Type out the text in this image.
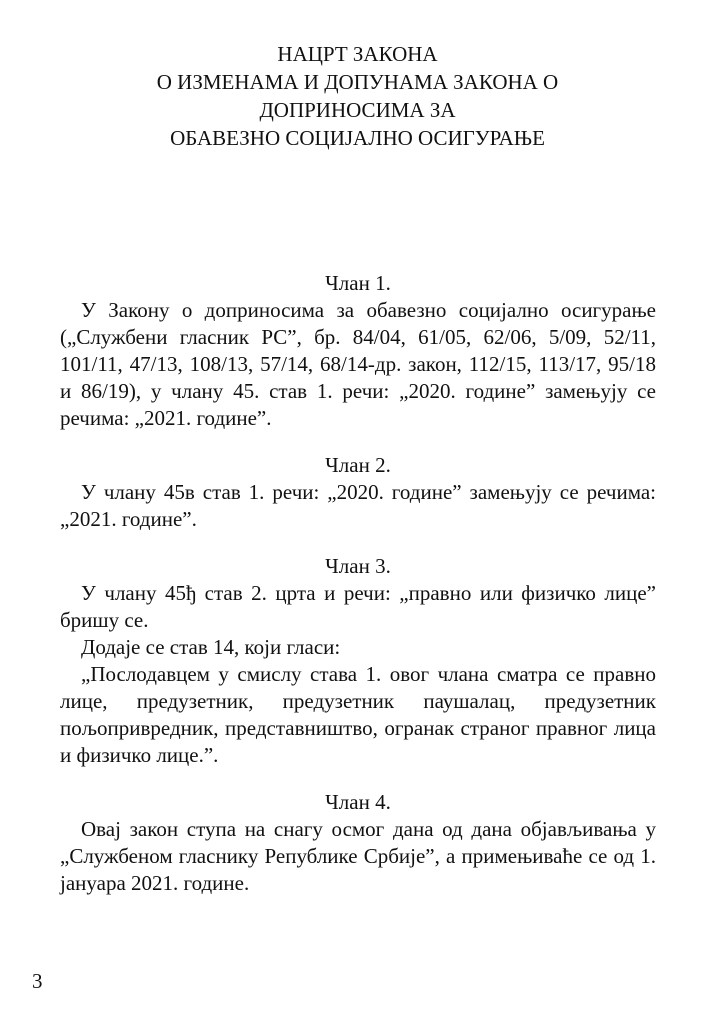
НАЦРТ ЗАКОНА
О ИЗМЕНАМА И ДОПУНАМА ЗАКОНА О
ДОПРИНОСИМА ЗА
ОБАВЕЗНО СОЦИЈАЛНО ОСИГУРАЊЕ

Члан 1.

У Закону о доприносима за обавезно социјално осигурање („Службени гласник РС”, бр. 84/04, 61/05, 62/06, 5/09, 52/11, 101/11, 47/13, 108/13, 57/14, 68/14-др. закон, 112/15, 113/17, 95/18 и 86/19), у члану 45. став 1. речи: „2020. године” замењују се речима: „2021. године”.

Члан 2.

У члану 45в став 1. речи: „2020. године” замењују се речима: „2021. године”.

Члан 3.

У члану 45ђ став 2. црта и речи: „правно или физичко лице” бришу се.

Додаје се став 14, који гласи:

„Послодавцем у смислу става 1. овог члана сматра се правно лице, предузетник, предузетник паушалац, предузетник пољопривредник, представништво, огранак страног правног лица и физичко лице.”.

Члан 4.

Овај закон ступа на снагу осмог дана од дана објављивања у „Службеном гласнику Републике Србије”, а примењиваће се од 1. јануара 2021. године.

3
